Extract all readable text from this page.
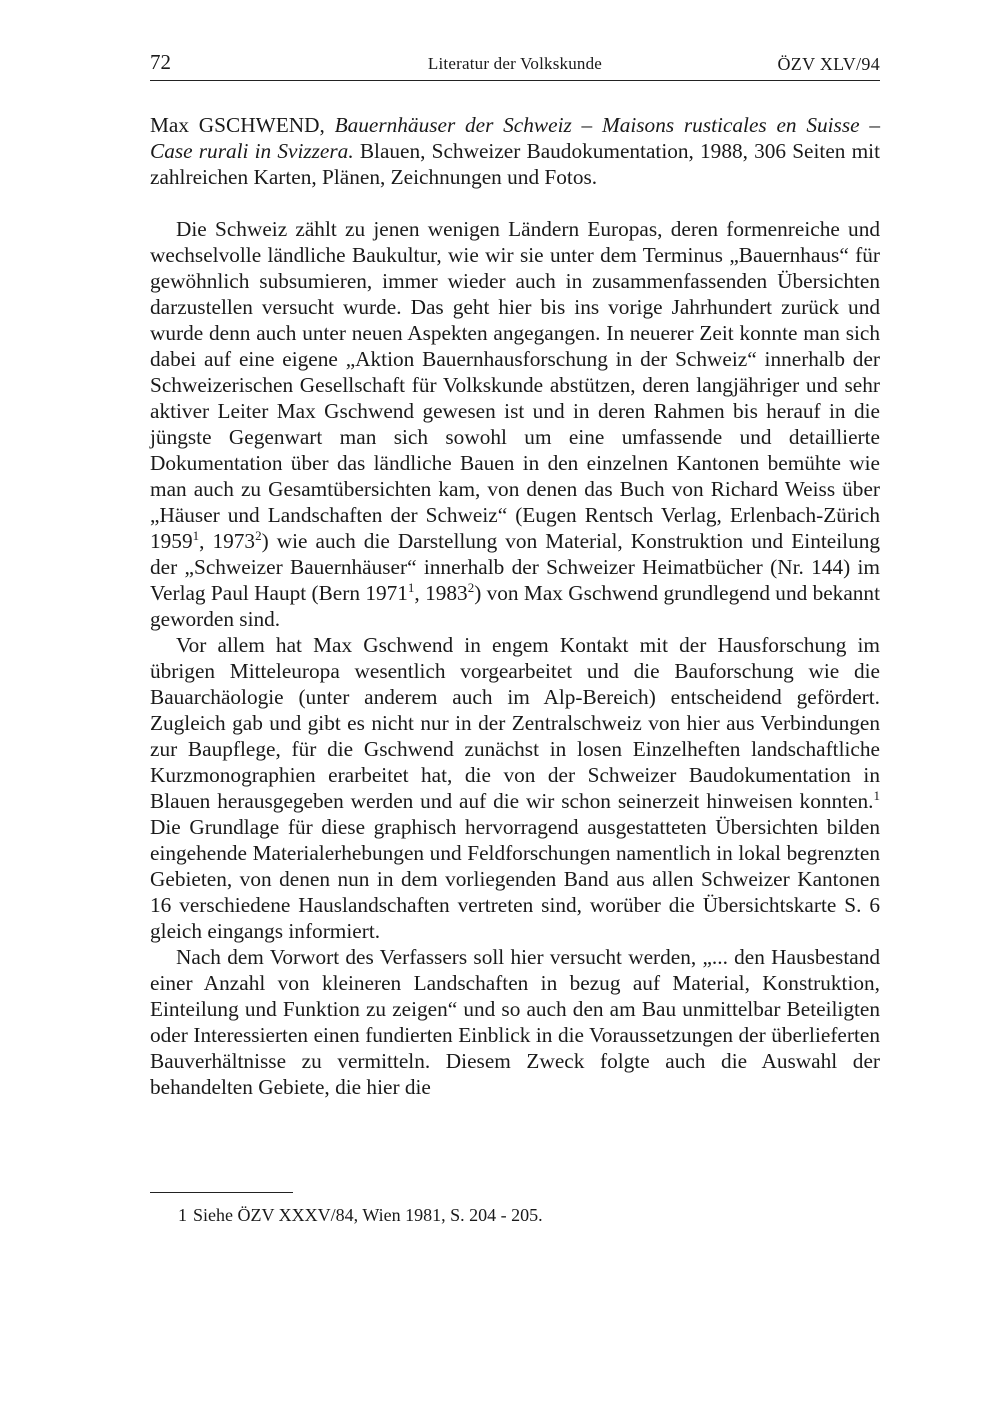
72	Literatur der Volkskunde	ÖZV XLV/94

Max GSCHWEND, Bauernhäuser der Schweiz – Maisons rusticales en Suisse – Case rurali in Svizzera. Blauen, Schweizer Baudokumentation, 1988, 306 Seiten mit zahlreichen Karten, Plänen, Zeichnungen und Fotos.

Die Schweiz zählt zu jenen wenigen Ländern Europas, deren formenreiche und wechselvolle ländliche Baukultur, wie wir sie unter dem Terminus „Bauernhaus“ für gewöhnlich subsumieren, immer wieder auch in zusammenfassenden Übersichten darzustellen versucht wurde. Das geht hier bis ins vorige Jahrhundert zurück und wurde denn auch unter neuen Aspekten angegangen. In neuerer Zeit konnte man sich dabei auf eine eigene „Aktion Bauernhausforschung in der Schweiz“ innerhalb der Schweizerischen Gesellschaft für Volkskunde abstützen, deren langjähriger und sehr aktiver Leiter Max Gschwend gewesen ist und in deren Rahmen bis herauf in die jüngste Gegenwart man sich sowohl um eine umfassende und detaillierte Dokumentation über das ländliche Bauen in den einzelnen Kantonen bemühte wie man auch zu Gesamtübersichten kam, von denen das Buch von Richard Weiss über „Häuser und Landschaften der Schweiz“ (Eugen Rentsch Verlag, Erlenbach-Zürich 1959$^1$, 1973$^2$) wie auch die Darstellung von Material, Konstruktion und Einteilung der „Schweizer Bauernhäuser“ innerhalb der Schweizer Heimatbücher (Nr. 144) im Verlag Paul Haupt (Bern 1971$^1$, 1983$^2$) von Max Gschwend grundlegend und bekannt geworden sind.

Vor allem hat Max Gschwend in engem Kontakt mit der Hausforschung im übrigen Mitteleuropa wesentlich vorgearbeitet und die Bauforschung wie die Bauarchäologie (unter anderem auch im Alp-Bereich) entscheidend gefördert. Zugleich gab und gibt es nicht nur in der Zentralschweiz von hier aus Verbindungen zur Baupflege, für die Gschwend zunächst in losen Einzelheften landschaftliche Kurzmonographien erarbeitet hat, die von der Schweizer Baudokumentation in Blauen herausgegeben werden und auf die wir schon seinerzeit hinweisen konnten.$^1$ Die Grundlage für diese graphisch hervorragend ausgestatteten Übersichten bilden eingehende Materialerhebungen und Feldforschungen namentlich in lokal begrenzten Gebieten, von denen nun in dem vorliegenden Band aus allen Schweizer Kantonen 16 verschiedene Hauslandschaften vertreten sind, worüber die Übersichtskarte S. 6 gleich eingangs informiert.

Nach dem Vorwort des Verfassers soll hier versucht werden, „... den Hausbestand einer Anzahl von kleineren Landschaften in bezug auf Material, Konstruktion, Einteilung und Funktion zu zeigen“ und so auch den am Bau unmittelbar Beteiligten oder Interessierten einen fundierten Einblick in die Voraussetzungen der überlieferten Bauverhältnisse zu vermitteln. Diesem Zweck folgte auch die Auswahl der behandelten Gebiete, die hier die

1 Siehe ÖZV XXXV/84, Wien 1981, S. 204 - 205.
